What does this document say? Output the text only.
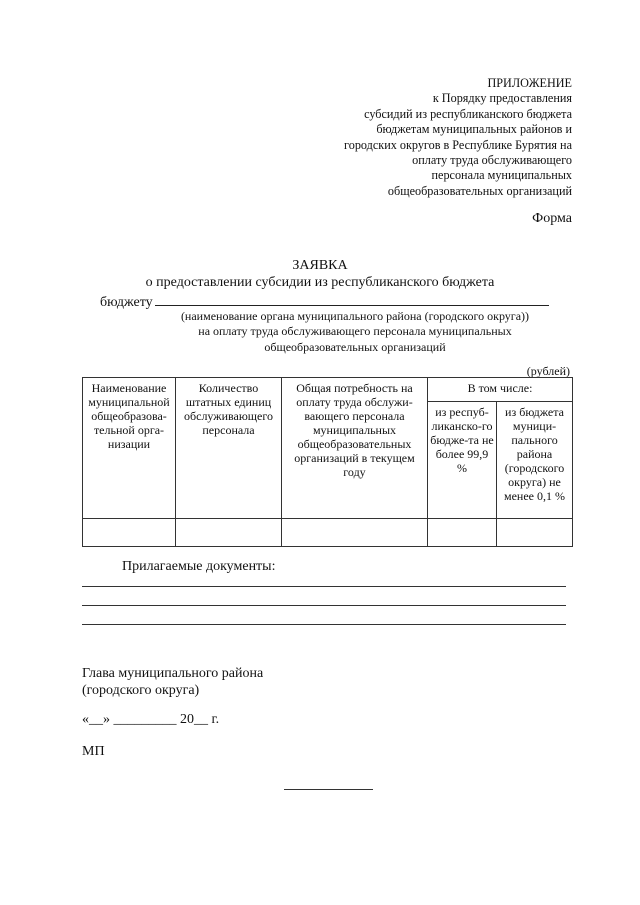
ПРИЛОЖЕНИЕ
к Порядку предоставления
субсидий из республиканского бюджета
бюджетам муниципальных районов и
городских округов в Республике Бурятия на
оплату труда обслуживающего
персонала муниципальных
общеобразовательных организаций
Форма
ЗАЯВКА
о предоставлении субсидии из республиканского бюджета
бюджету
(наименование органа муниципального района (городского округа))
на оплату труда обслуживающего персонала муниципальных
общеобразовательных организаций
(рублей)
Наименование муниципальной общеобразова-тельной орга-низации	Количество штатных единиц обслуживающего персонала	Общая потребность на оплату труда обслужи-вающего персонала муниципальных общеобразовательных организаций в текущем году	В том числе:	
			из респуб-ликанско-го бюдже-та не более 99,9 %	из бюджета муници-пального района (городского округа) не менее 0,1 %

Прилагаемые документы:
Глава муниципального района
(городского округа)
«__» _________ 20__ г.
МП
